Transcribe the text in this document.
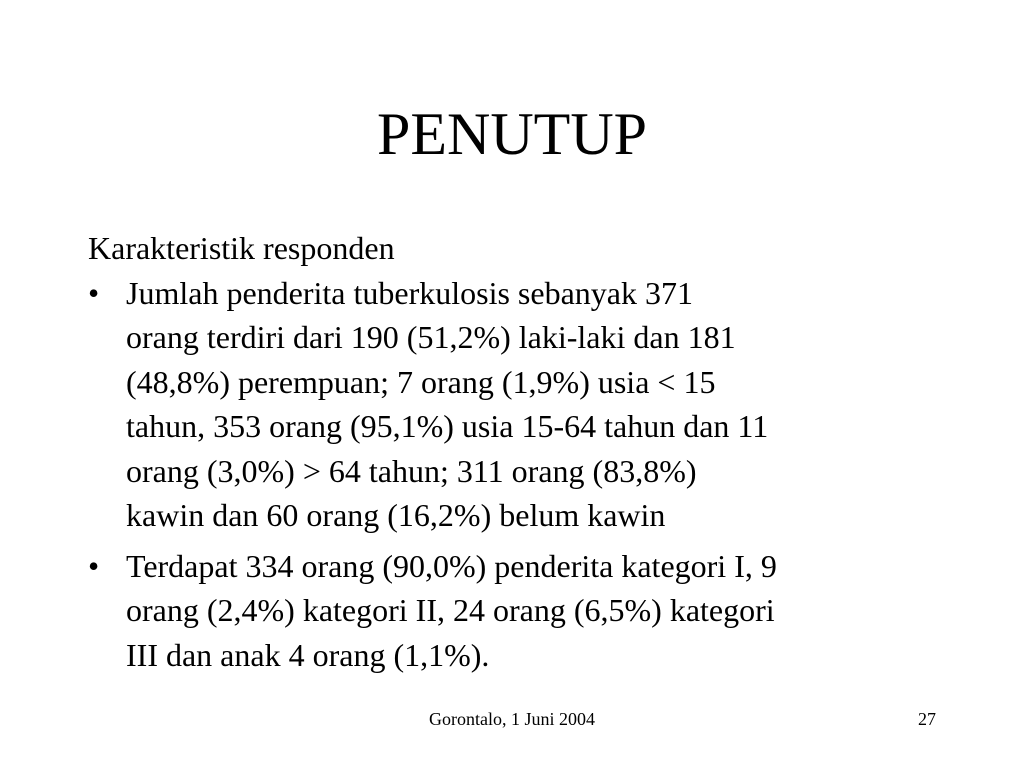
PENUTUP
Karakteristik responden
• Jumlah penderita tuberkulosis sebanyak 371
orang terdiri dari 190 (51,2%) laki-laki dan 181
(48,8%) perempuan; 7 orang (1,9%) usia < 15
tahun, 353 orang (95,1%) usia 15-64 tahun dan 11
orang (3,0%) > 64 tahun; 311 orang (83,8%)
kawin dan 60 orang (16,2%) belum kawin
• Terdapat 334 orang (90,0%) penderita kategori I, 9
orang (2,4%) kategori II, 24 orang (6,5%) kategori
III dan anak 4 orang (1,1%).
Gorontalo, 1 Juni 2004	27
